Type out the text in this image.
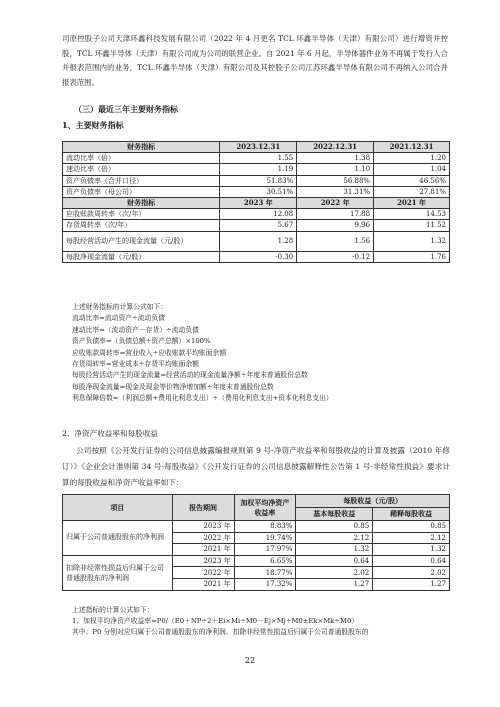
司原控股子公司天津环鑫科技发展有限公司（2022 年 4 月更名 TCL 环鑫半导体（天津）有限公司）进行增资并控股，TCL 环鑫半导体（天津）有限公司成为公司的联营企业。自 2021 年 6 月起，半导体器件业务不再属于发行人合并报表范围内的业务，TCL 环鑫半导体（天津）有限公司及其控股子公司江苏环鑫半导体有限公司不再纳入公司合并报表范围。
（三）最近三年主要财务指标
1、主要财务指标
财务指标	2023.12.31	2022.12.31	2021.12.31
流动比率（倍）	1.55	1.38	1.20
速动比率（倍）	1.19	1.10	1.04
资产负债率（合并口径）	51.83%	56.88%	46.56%
资产负债率（母公司）	30.51%	31.31%	27.81%
财务指标	2023 年	2022 年	2021 年
应收账款周转率（次/年）	12.08	17.88	14.53
存货周转率（次/年）	5.67	9.96	11.52
每股经营活动产生的现金流量（元/股）	1.28	1.56	1.32
每股净现金流量（元/股）	-0.30	-0.12	1.76
上述财务指标的计算公式如下：
流动比率=流动资产÷流动负债
速动比率=（流动资产－存货）÷流动负债
资产负债率=（负债总额÷资产总额）×100%
应收账款周转率=营业收入÷应收账款平均账面余额
存货周转率=营业成本÷存货平均账面余额
每股经营活动产生的现金流量=经营活动的现金流量净额÷年度末普通股份总数
每股净现金流量=现金及现金等价物净增加额÷年度末普通股份总数
利息保障倍数=（利润总额+费用化利息支出）÷（费用化利息支出+资本化利息支出）
2、净资产收益率和每股收益
公司按照《公开发行证券的公司信息披露编报规则第 9 号-净资产收益率和每股收益的计算及披露（2010 年修订）》《企业会计准则第 34 号-每股收益》《公开发行证券的公司信息披露解释性公告第 1 号-非经常性损益》要求计算的每股收益和净资产收益率如下：
项目	报告期间	加权平均净资产收益率	每股收益（元/股）	
			基本每股收益	稀释每股收益
归属于公司普通股股东的净利润	2023 年	8.83%	0.85	0.85
	2022 年	19.74%	2.12	2.12
	2021 年	17.97%	1.32	1.32
扣除非经常性损益后归属于公司普通股股东的净利润	2023 年	6.65%	0.64	0.64
	2022 年	18.77%	2.02	2.02
	2021 年	17.32%	1.27	1.27
上述指标的计算公式如下：
1、加权平均净资产收益率=P0/（E0＋NP÷2＋Ei×Mi÷M0－Ej×Mj÷M0±Ek×Mk÷M0）
其中：P0 分别对应归属于公司普通股股东的净利润、扣除非经常性损益后归属于公司普通股股东的
22
